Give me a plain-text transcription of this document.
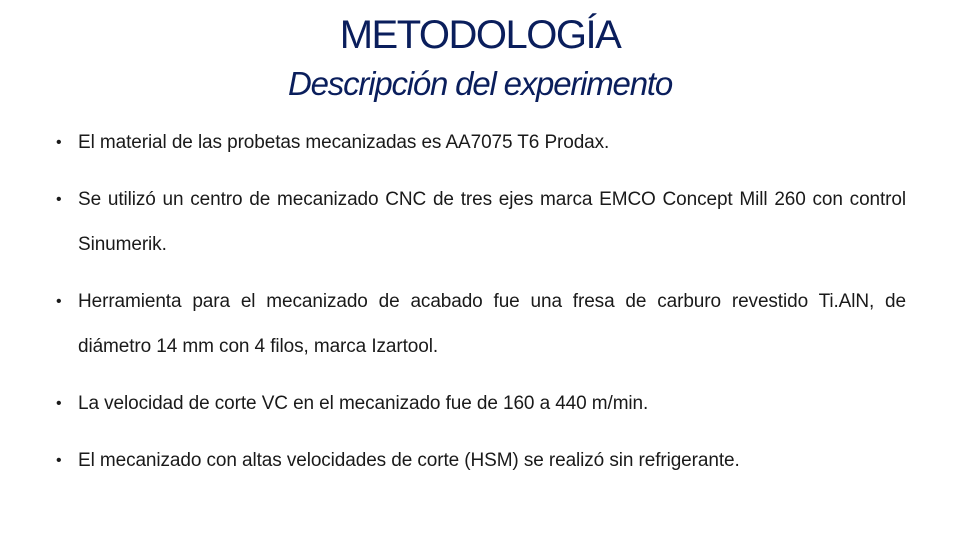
METODOLOGÍA
Descripción del experimento
• El material de las probetas mecanizadas es AA7075 T6 Prodax.
• Se utilizó un centro de mecanizado CNC de tres ejes marca EMCO Concept Mill 260 con control Sinumerik.
• Herramienta para el mecanizado de acabado fue una fresa de carburo revestido Ti.AlN, de diámetro 14 mm con 4 filos, marca Izartool.
• La velocidad de corte VC en el mecanizado fue de 160 a 440 m/min.
• El mecanizado con altas velocidades de corte (HSM) se realizó sin refrigerante.
